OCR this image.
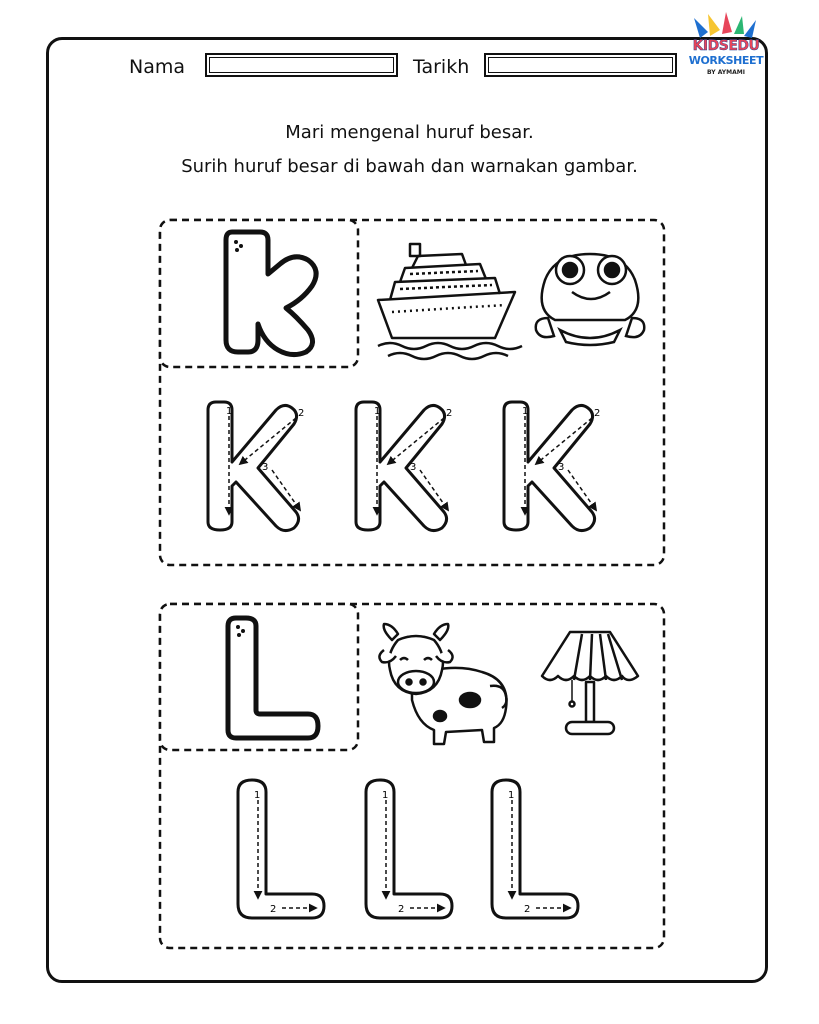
Nama	Tarikh
KIDSEDU
WORKSHEET
BY AYMAMI
Mari mengenal huruf besar.
Surih huruf besar di bawah dan warnakan gambar.
1	2
3
1	2
3
1	2
3
1
2
1
2
1
2
